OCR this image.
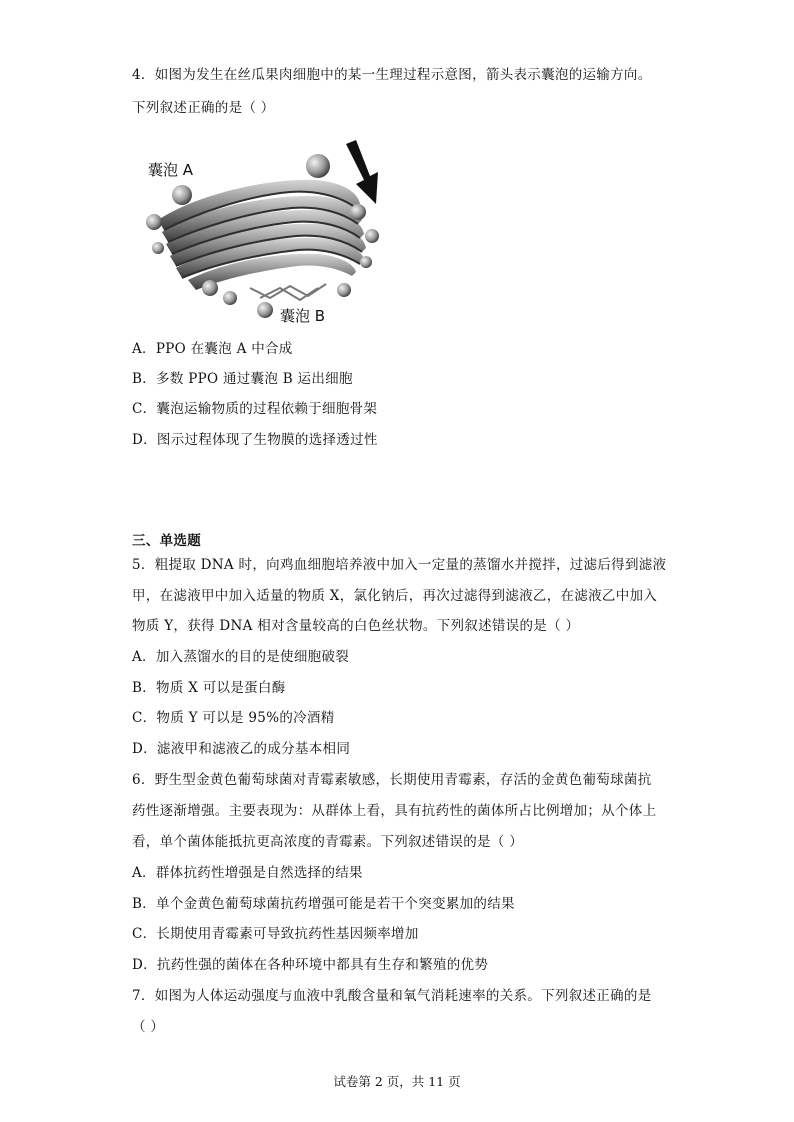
4．如图为发生在丝瓜果肉细胞中的某一生理过程示意图，箭头表示囊泡的运输方向。
下列叙述正确的是（ ）
囊泡 A
囊泡 B
A．PPO 在囊泡 A 中合成
B．多数 PPO 通过囊泡 B 运出细胞
C．囊泡运输物质的过程依赖于细胞骨架
D．图示过程体现了生物膜的选择透过性
三、单选题
5．粗提取 DNA 时，向鸡血细胞培养液中加入一定量的蒸馏水并搅拌，过滤后得到滤液
甲，在滤液甲中加入适量的物质 X，氯化钠后，再次过滤得到滤液乙，在滤液乙中加入
物质 Y，获得 DNA 相对含量较高的白色丝状物。下列叙述错误的是（ ）
A．加入蒸馏水的目的是使细胞破裂
B．物质 X 可以是蛋白酶
C．物质 Y 可以是 95%的冷酒精
D．滤液甲和滤液乙的成分基本相同
6．野生型金黄色葡萄球菌对青霉素敏感，长期使用青霉素，存活的金黄色葡萄球菌抗
药性逐渐增强。主要表现为：从群体上看，具有抗药性的菌体所占比例增加；从个体上
看，单个菌体能抵抗更高浓度的青霉素。下列叙述错误的是（ ）
A．群体抗药性增强是自然选择的结果
B．单个金黄色葡萄球菌抗药增强可能是若干个突变累加的结果
C．长期使用青霉素可导致抗药性基因频率增加
D．抗药性强的菌体在各种环境中都具有生存和繁殖的优势
7．如图为人体运动强度与血液中乳酸含量和氧气消耗速率的关系。下列叙述正确的是
（ ）
试卷第 2 页，共 11 页
